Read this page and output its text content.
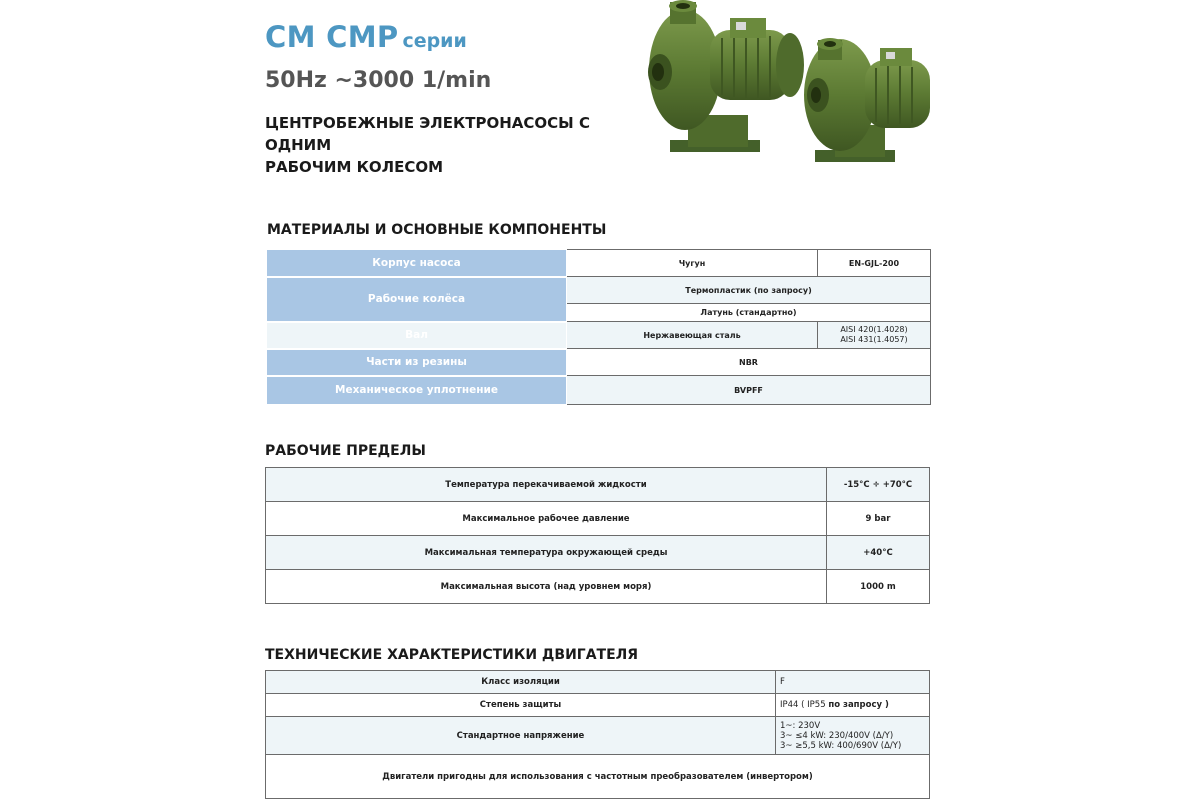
CM CMP серии
50Hz ~3000 1/min
ЦЕНТРОБЕЖНЫЕ ЭЛЕКТРОНАСОСЫ С ОДНИМ
РАБОЧИМ КОЛЕСОМ
МАТЕРИАЛЫ И ОСНОВНЫЕ КОМПОНЕНТЫ
Корпус насоса	Чугун	EN-GJL-200
Рабочие колёса	Термопластик (по запросу)	
	Латунь (стандартно)	
Вал	Нержавеющая сталь	AISI 420(1.4028)
AISI 431(1.4057)

Части из резины	NBR	
Механическое уплотнение	BVPFF	
РАБОЧИЕ ПРЕДЕЛЫ
Температура перекачиваемой жидкости	-15°C ÷ +70°C
Максимальное рабочее давление	9 bar
Максимальная температура окружающей среды	+40°C
Максимальная высота (над уровнем моря)	1000 m
ТЕХНИЧЕСКИЕ ХАРАКТЕРИСТИКИ ДВИГАТЕЛЯ
Класс изоляции	F
Степень защиты	IP44 ( IP55 по запросу )
Стандартное напряжение	1~: 230V
3~ ≤4 kW: 230/400V (Δ/Y)
3~ ≥5,5 kW: 400/690V (Δ/Y)

Двигатели пригодны для использования с частотным преобразователем (инвертором)	
